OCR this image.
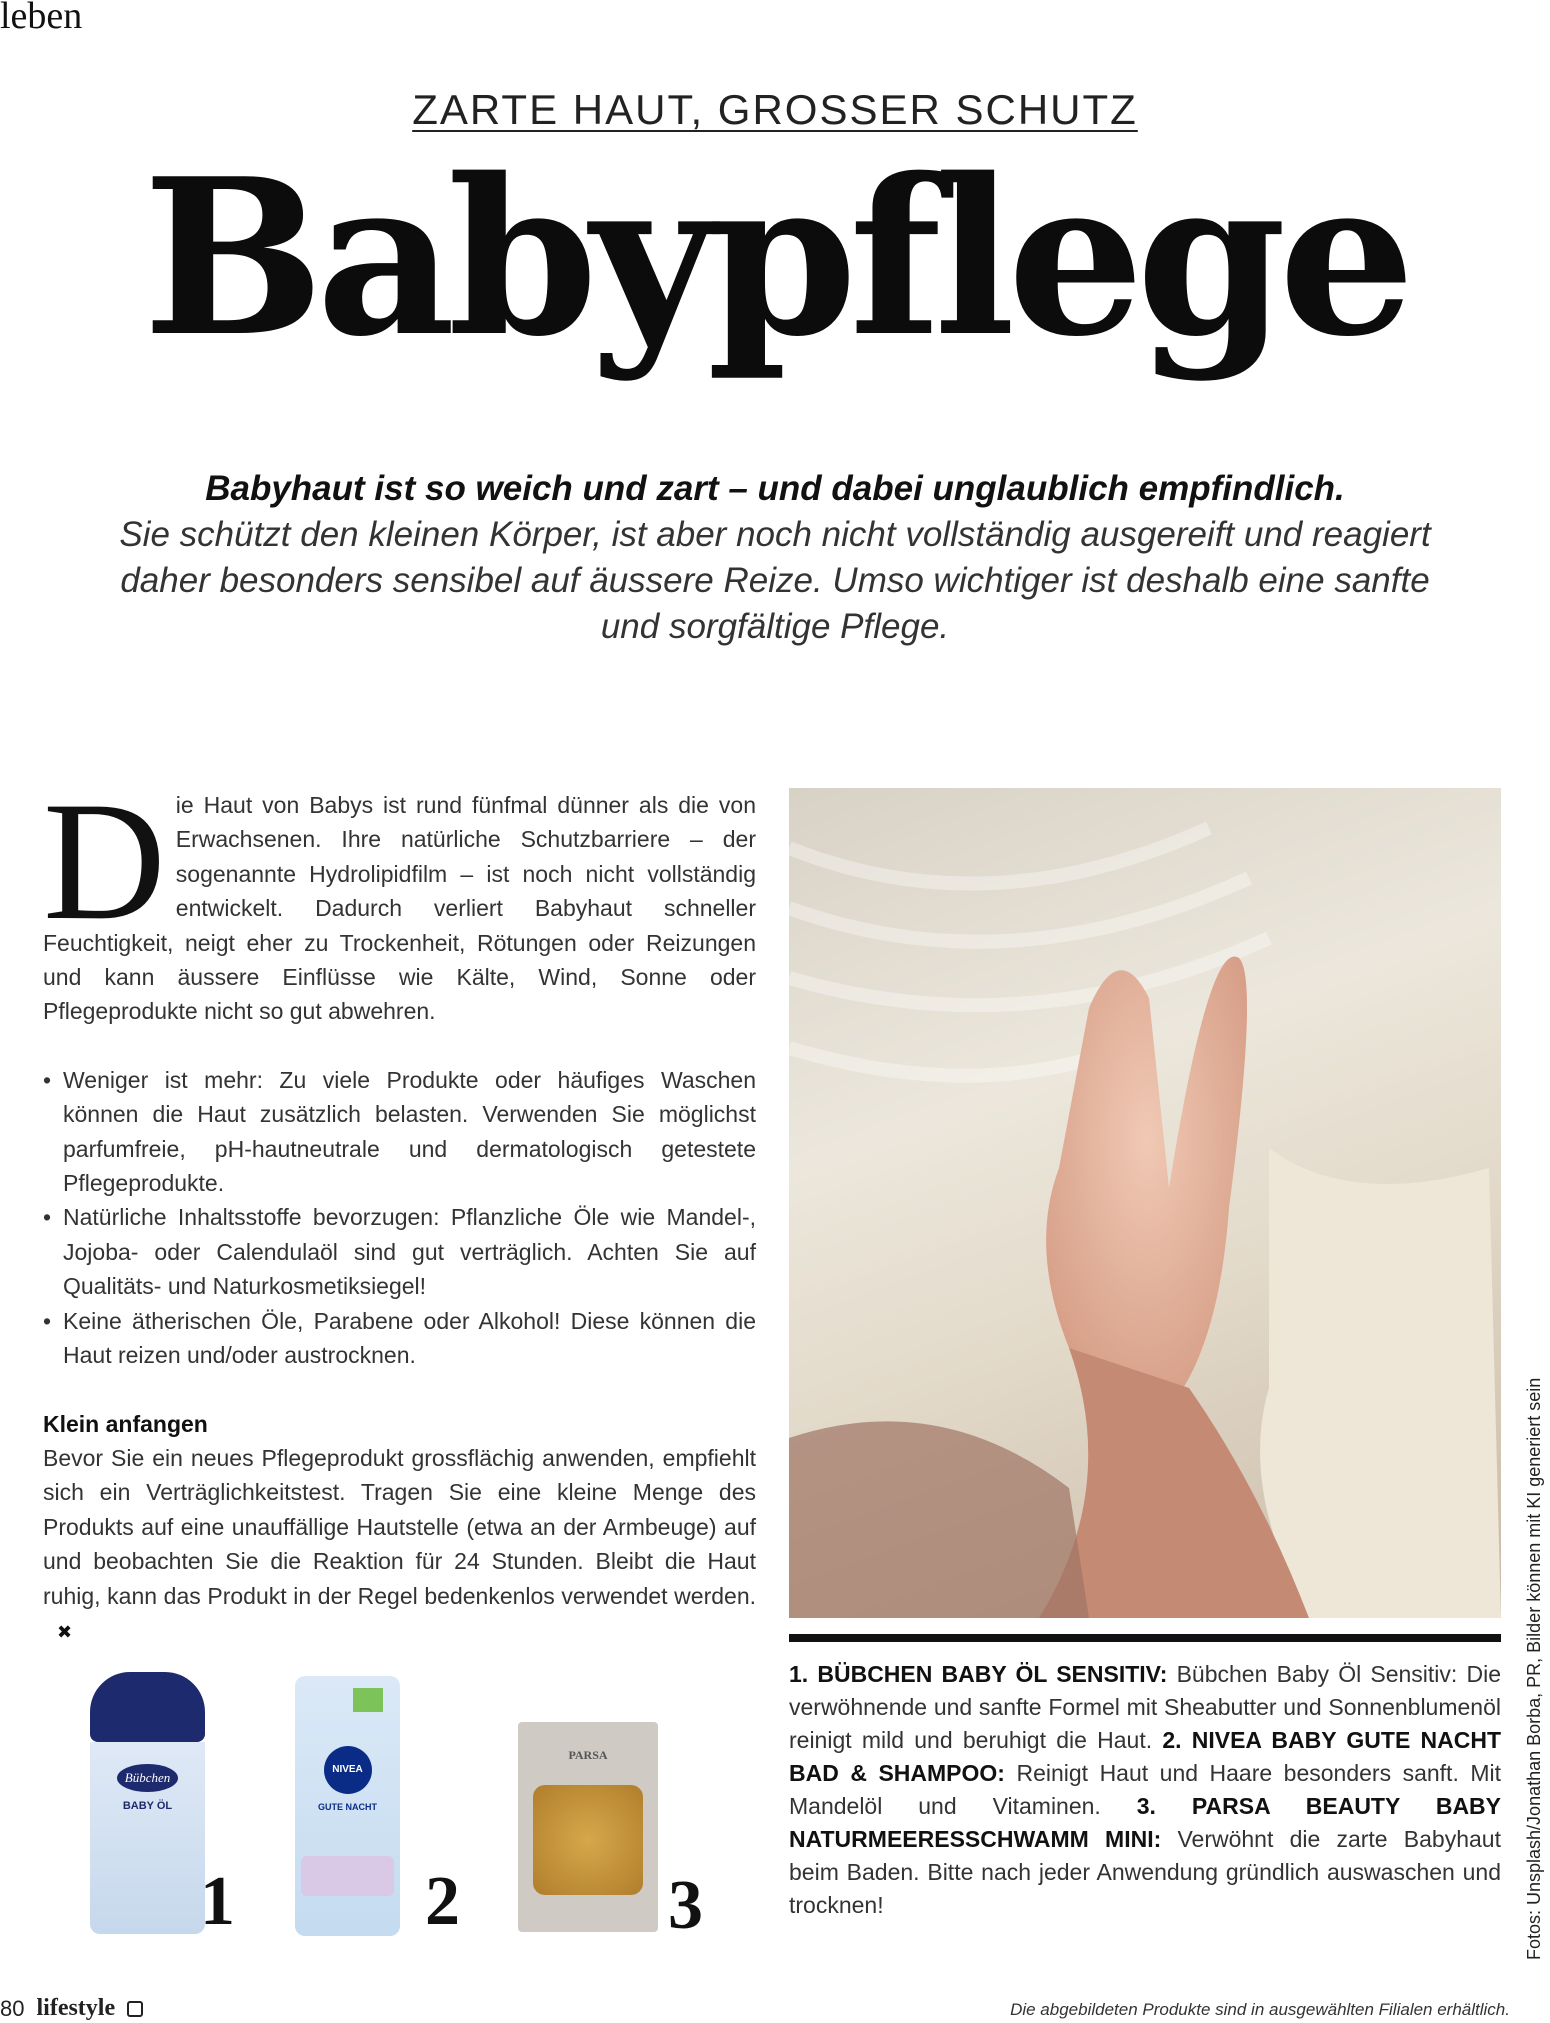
leben
ZARTE HAUT, GROSSER SCHUTZ
Babypflege
Babyhaut ist so weich und zart – und dabei unglaublich empfindlich.
Sie schützt den kleinen Körper, ist aber noch nicht vollständig ausgereift und reagiert daher besonders sensibel auf äussere Reize. Umso wichtiger ist deshalb eine sanfte und sorgfältige Pflege.

Die Haut von Babys ist rund fünfmal dünner als die von Erwachsenen. Ihre natürliche Schutzbarriere – der sogenannte Hydrolipidfilm – ist noch nicht vollständig entwickelt. Dadurch verliert Babyhaut schneller Feuchtigkeit, neigt eher zu Trockenheit, Rötungen oder Reizungen und kann äussere Einflüsse wie Kälte, Wind, Sonne oder Pflegeprodukte nicht so gut abwehren.

• Weniger ist mehr: Zu viele Produkte oder häufiges Waschen können die Haut zusätzlich belasten. Verwenden Sie möglichst parfumfreie, pH-hautneutrale und dermatologisch getestete Pflegeprodukte.
• Natürliche Inhaltsstoffe bevorzugen: Pflanzliche Öle wie Mandel-, Jojoba- oder Calendulaöl sind gut verträglich. Achten Sie auf Qualitäts- und Naturkosmetiksiegel!
• Keine ätherischen Öle, Parabene oder Alkohol! Diese können die Haut reizen und/oder austrocknen.
Klein anfangen

Bevor Sie ein neues Pflegeprodukt grossflächig anwenden, empfiehlt sich ein Verträglichkeitstest. Tragen Sie eine kleine Menge des Produkts auf eine unauffällige Hautstelle (etwa an der Armbeuge) auf und beobachten Sie die Reaktion für 24 Stunden. Bleibt die Haut ruhig, kann das Produkt in der Regel bedenkenlos verwendet werden.✖

1. BÜBCHEN BABY ÖL SENSITIV: Bübchen Baby Öl Sensitiv: Die verwöhnende und sanfte Formel mit Sheabutter und Sonnenblumenöl reinigt mild und beruhigt die Haut. 2. NIVEA BABY GUTE NACHT BAD & SHAMPOO: Reinigt Haut und Haare besonders sanft. Mit Mandelöl und Vitaminen. 3. PARSA BEAUTY BABY NATURMEERESSCHWAMM MINI: Verwöhnt die zarte Babyhaut beim Baden. Bitte nach jeder Anwendung gründlich auswaschen und trocknen!
Bübchen
BABY ÖL
1
NIVEA
GUTE NACHT
2
PARSA
3	Fotos: Unsplash/Jonathan Borba, PR, Bilder können mit KI generiert sein
80 lifestyle	Die abgebildeten Produkte sind in ausgewählten Filialen erhältlich.
